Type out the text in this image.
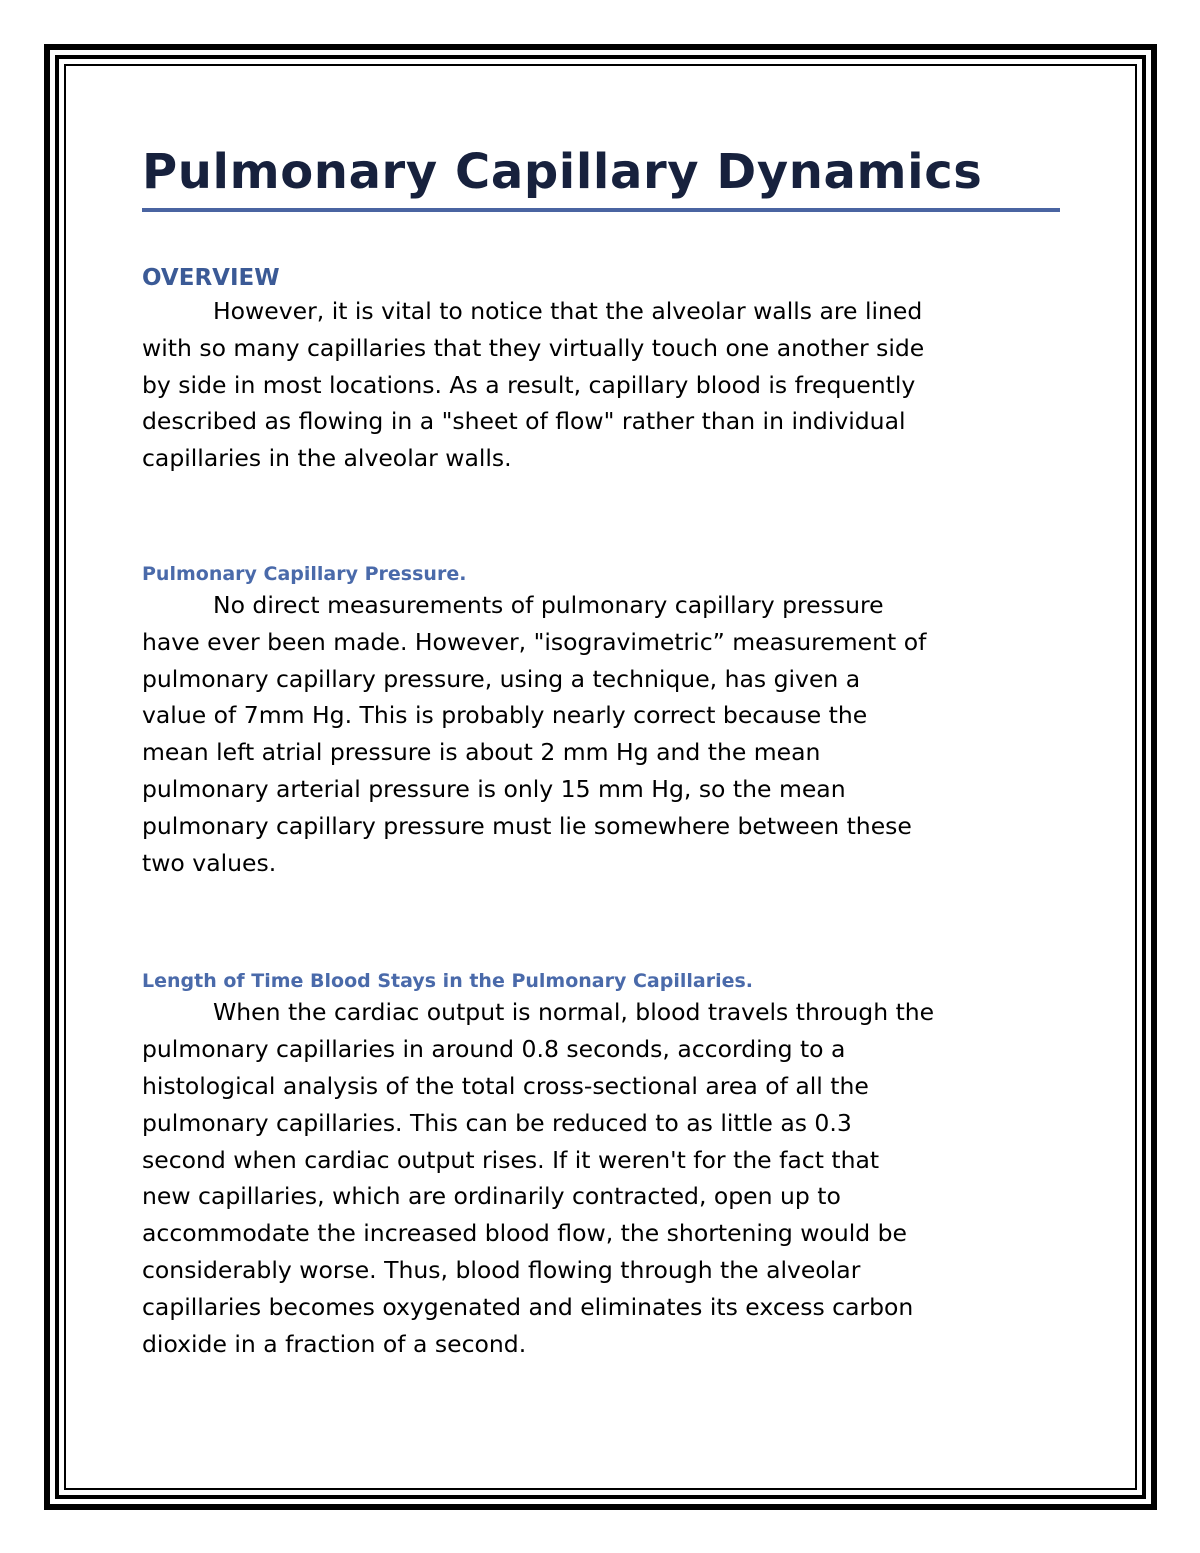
Pulmonary Capillary Dynamics
OVERVIEW

However, it is vital to notice that the alveolar walls are lined
with so many capillaries that they virtually touch one another side
by side in most locations. As a result, capillary blood is frequently
described as flowing in a "sheet of flow" rather than in individual
capillaries in the alveolar walls.

Pulmonary Capillary Pressure.

No direct measurements of pulmonary capillary pressure
have ever been made. However, "isogravimetric” measurement of
pulmonary capillary pressure, using a technique, has given a
value of 7mm Hg. This is probably nearly correct because the
mean left atrial pressure is about 2 mm Hg and the mean
pulmonary arterial pressure is only 15 mm Hg, so the mean
pulmonary capillary pressure must lie somewhere between these
two values.

Length of Time Blood Stays in the Pulmonary Capillaries.

When the cardiac output is normal, blood travels through the
pulmonary capillaries in around 0.8 seconds, according to a
histological analysis of the total cross-sectional area of all the
pulmonary capillaries. This can be reduced to as little as 0.3
second when cardiac output rises. If it weren't for the fact that
new capillaries, which are ordinarily contracted, open up to
accommodate the increased blood flow, the shortening would be
considerably worse. Thus, blood flowing through the alveolar
capillaries becomes oxygenated and eliminates its excess carbon
dioxide in a fraction of a second.
